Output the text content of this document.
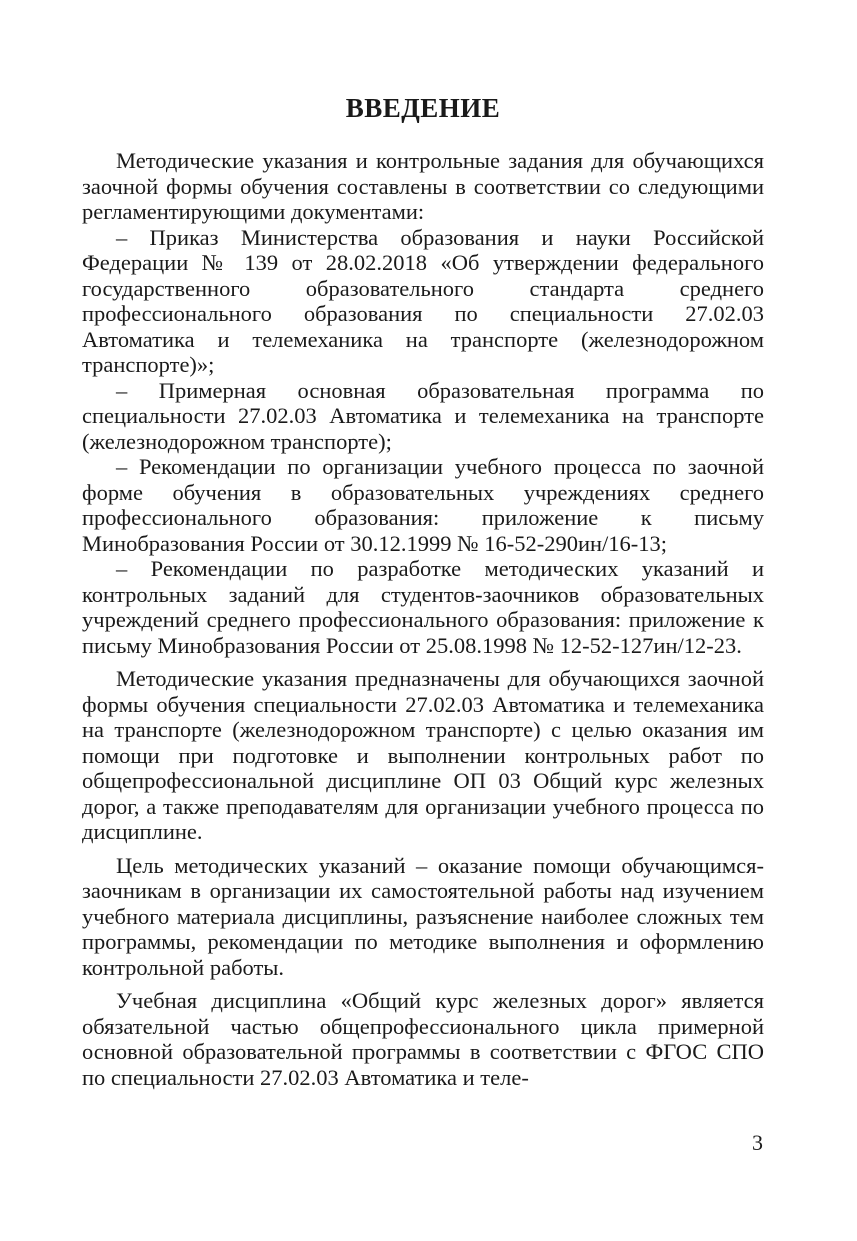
ВВЕДЕНИЕ

Методические указания и контрольные задания для обучающихся заочной формы обучения составлены в соответствии со следующими регламентирующими документами:

– Приказ Министерства образования и науки Российской Федерации № 139 от 28.02.2018 «Об утверждении федерального государственного образовательного стандарта среднего профессионального образования по специальности 27.02.03 Автоматика и телемеханика на транспорте (железнодорожном транспорте)»;

– Примерная основная образовательная программа по специальности 27.02.03 Автоматика и телемеханика на транспорте (железнодорожном транспорте);

– Рекомендации по организации учебного процесса по заочной форме обучения в образовательных учреждениях среднего профессионального образования: приложение к письму Минобразования России от 30.12.1999 № 16-52-290ин/16-13;

– Рекомендации по разработке методических указаний и контрольных заданий для студентов-заочников образовательных учреждений среднего профессионального образования: приложение к письму Минобразования России от 25.08.1998 № 12-52-127ин/12-23.

Методические указания предназначены для обучающихся заочной формы обучения специальности 27.02.03 Автоматика и телемеханика на транспорте (железнодорожном транспорте) с целью оказания им помощи при подготовке и выполнении контрольных работ по общепрофессиональной дисциплине ОП 03 Общий курс железных дорог, а также преподавателям для организации учебного процесса по дисциплине.

Цель методических указаний – оказание помощи обучающимся-заочникам в организации их самостоятельной работы над изучением учебного материала дисциплины, разъяснение наиболее сложных тем программы, рекомендации по методике выполнения и оформлению контрольной работы.

Учебная дисциплина «Общий курс железных дорог» является обязательной частью общепрофессионального цикла примерной основной образовательной программы в соответствии с ФГОС СПО по специальности 27.02.03 Автоматика и теле-

3
